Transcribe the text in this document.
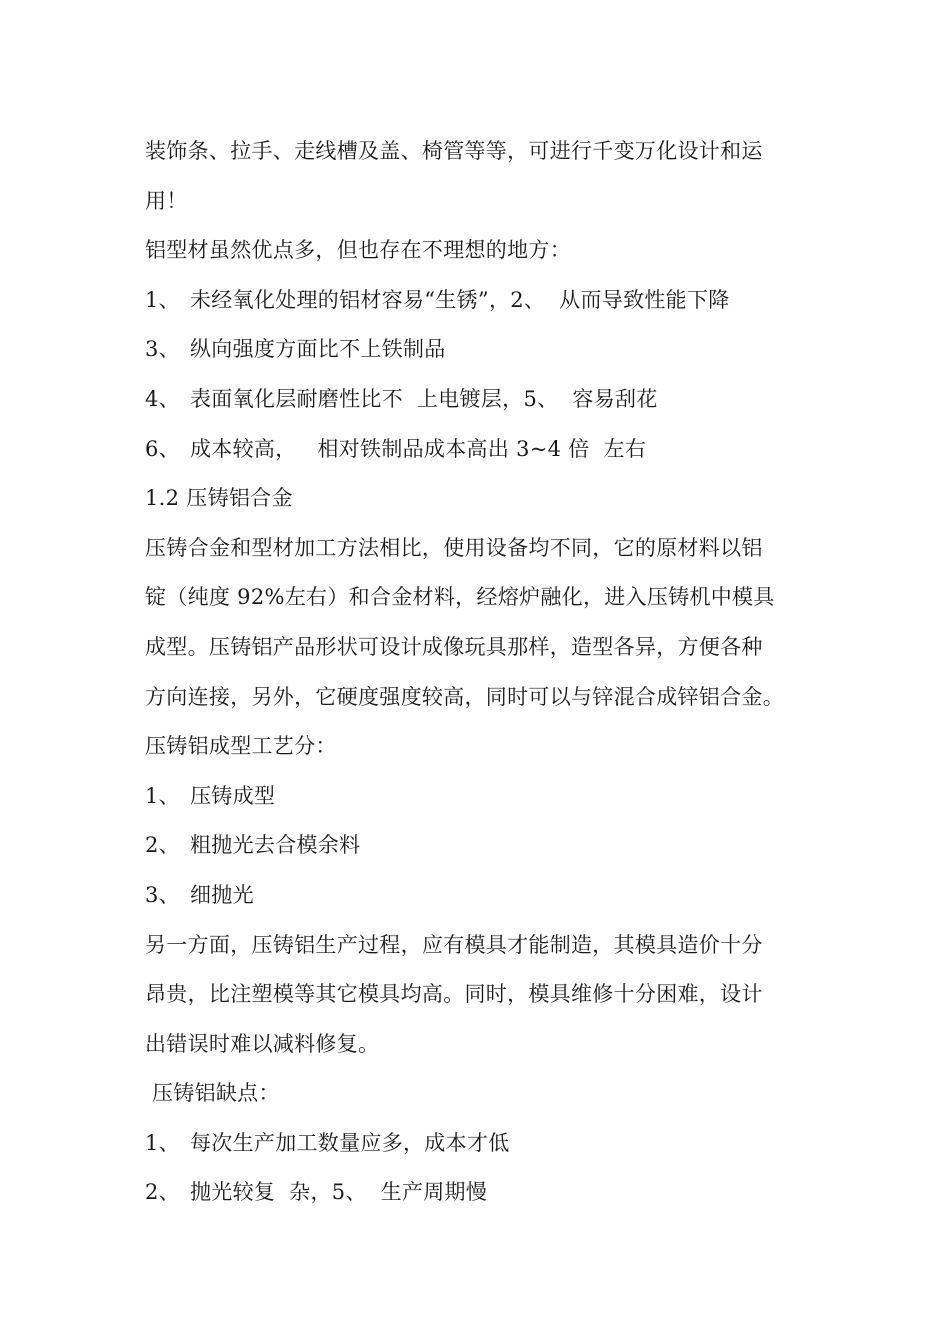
装饰条、拉手、走线槽及盖、椅管等等，可进行千变万化设计和运
用！
铝型材虽然优点多，但也存在不理想的地方：
1、 未经氧化处理的铝材容易“生锈”，2、  从而导致性能下降
3、 纵向强度方面比不上铁制品
4、 表面氧化层耐磨性比不  上电镀层，5、  容易刮花
6、 成本较高，   相对铁制品成本高出 3~4 倍  左右
1.2 压铸铝合金
压铸合金和型材加工方法相比，使用设备均不同，它的原材料以铝
锭（纯度 92%左右）和合金材料，经熔炉融化，进入压铸机中模具
成型。压铸铝产品形状可设计成像玩具那样，造型各异，方便各种
方向连接，另外，它硬度强度较高，同时可以与锌混合成锌铝合金。
压铸铝成型工艺分：
1、 压铸成型
2、 粗抛光去合模余料
3、 细抛光
另一方面，压铸铝生产过程，应有模具才能制造，其模具造价十分
昂贵，比注塑模等其它模具均高。同时，模具维修十分困难，设计
出错误时难以减料修复。
压铸铝缺点：
1、 每次生产加工数量应多，成本才低
2、 抛光较复  杂，5、  生产周期慢
